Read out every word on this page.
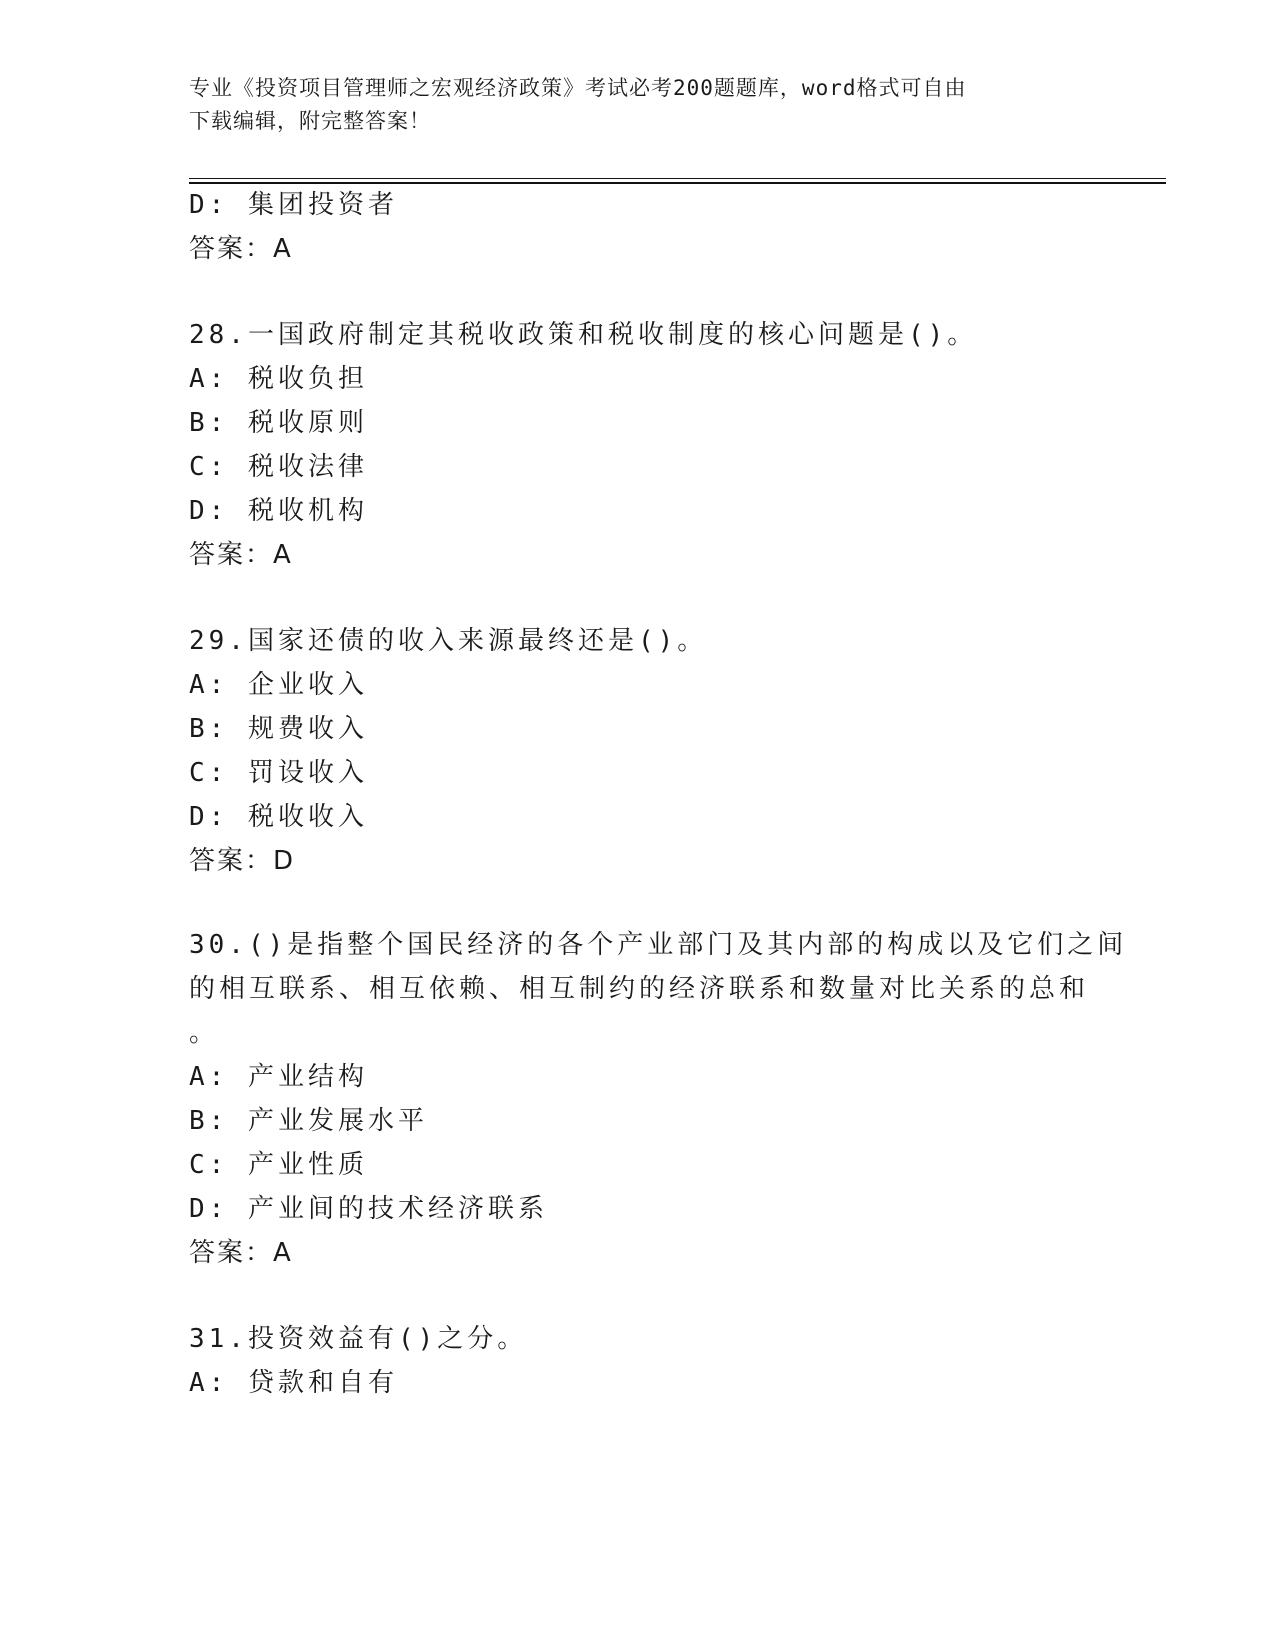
专业《投资项目管理师之宏观经济政策》考试必考200题题库，word格式可自由
下载编辑，附完整答案！
D: 集团投资者
答案：A
28.一国政府制定其税收政策和税收制度的核心问题是()。
A: 税收负担
B: 税收原则
C: 税收法律
D: 税收机构
答案：A
29.国家还债的收入来源最终还是()。
A: 企业收入
B: 规费收入
C: 罚设收入
D: 税收收入
答案：D
30.()是指整个国民经济的各个产业部门及其内部的构成以及它们之间
的相互联系、相互依赖、相互制约的经济联系和数量对比关系的总和
。
A: 产业结构
B: 产业发展水平
C: 产业性质
D: 产业间的技术经济联系
答案：A
31.投资效益有()之分。
A: 贷款和自有
